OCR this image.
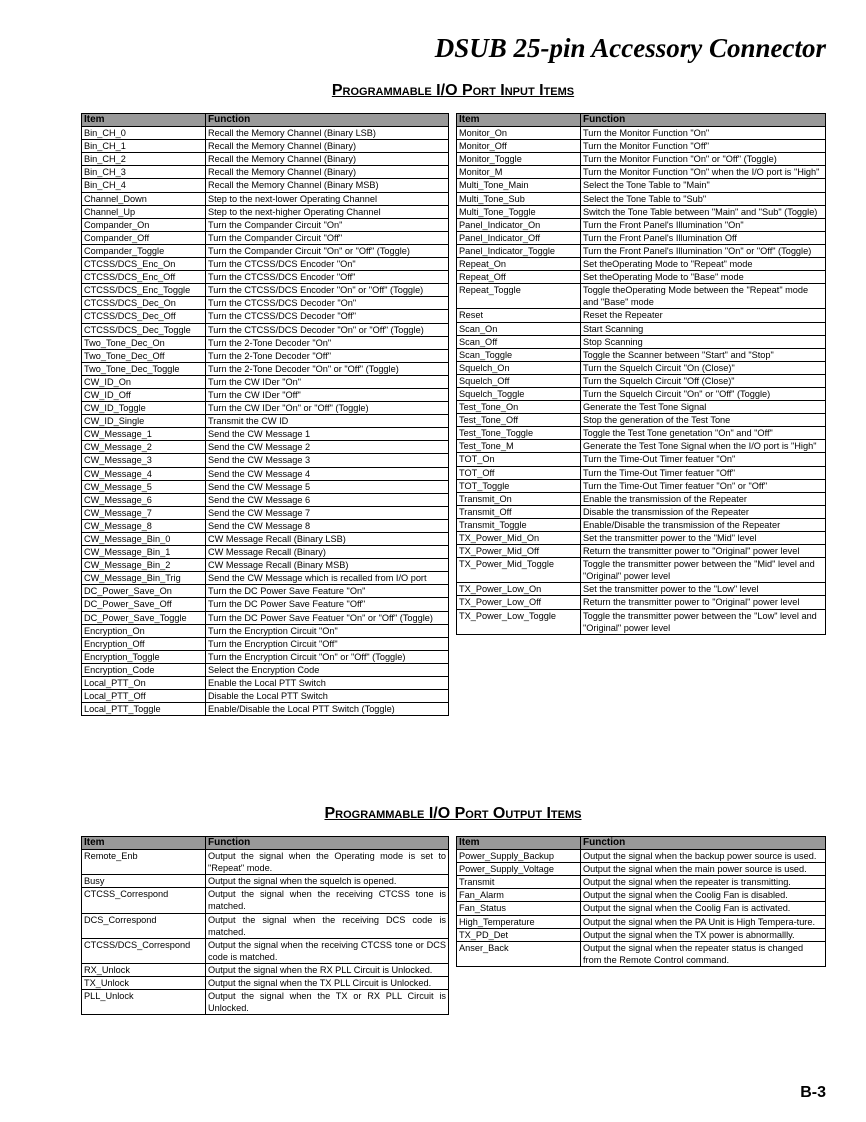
DSUB 25-pin Accessory Connector
Programmable I/O Port Input Items
Item	Function
Bin_CH_0	Recall the Memory Channel (Binary LSB)
Bin_CH_1	Recall the Memory Channel (Binary)
Bin_CH_2	Recall the Memory Channel (Binary)
Bin_CH_3	Recall the Memory Channel (Binary)
Bin_CH_4	Recall the Memory Channel (Binary MSB)
Channel_Down	Step to the next-lower Operating Channel
Channel_Up	Step to the next-higher Operating Channel
Compander_On	Turn the Compander Circuit "On"
Compander_Off	Turn the Compander Circuit "Off"
Compander_Toggle	Turn the Compander Circuit "On" or "Off" (Toggle)
CTCSS/DCS_Enc_On	Turn the CTCSS/DCS Encoder "On"
CTCSS/DCS_Enc_Off	Turn the CTCSS/DCS Encoder "Off"
CTCSS/DCS_Enc_Toggle	Turn the CTCSS/DCS Encoder "On" or "Off" (Toggle)
CTCSS/DCS_Dec_On	Turn the CTCSS/DCS Decoder "On"
CTCSS/DCS_Dec_Off	Turn the CTCSS/DCS Decoder "Off"
CTCSS/DCS_Dec_Toggle	Turn the CTCSS/DCS Decoder "On" or "Off" (Toggle)
Two_Tone_Dec_On	Turn the 2-Tone Decoder "On"
Two_Tone_Dec_Off	Turn the 2-Tone Decoder "Off"
Two_Tone_Dec_Toggle	Turn the 2-Tone Decoder "On" or "Off" (Toggle)
CW_ID_On	Turn the CW IDer "On"
CW_ID_Off	Turn the CW IDer "Off"
CW_ID_Toggle	Turn the CW IDer "On" or "Off" (Toggle)
CW_ID_Single	Transmit the CW ID
CW_Message_1	Send the CW Message 1
CW_Message_2	Send the CW Message 2
CW_Message_3	Send the CW Message 3
CW_Message_4	Send the CW Message 4
CW_Message_5	Send the CW Message 5
CW_Message_6	Send the CW Message 6
CW_Message_7	Send the CW Message 7
CW_Message_8	Send the CW Message 8
CW_Message_Bin_0	CW Message Recall (Binary LSB)
CW_Message_Bin_1	CW Message Recall (Binary)
CW_Message_Bin_2	CW Message Recall (Binary MSB)
CW_Message_Bin_Trig	Send the CW Message which is recalled from I/O port
DC_Power_Save_On	Turn the DC Power Save Feature "On"
DC_Power_Save_Off	Turn the DC Power Save Feature "Off"
DC_Power_Save_Toggle	Turn the DC Power Save Featuer "On" or "Off" (Toggle)
Encryption_On	Turn the Encryption Circuit "On"
Encryption_Off	Turn the Encryption Circuit "Off"
Encryption_Toggle	Turn the Encryption Circuit "On" or "Off" (Toggle)
Encryption_Code	Select the Encryption Code
Local_PTT_On	Enable the Local PTT Switch
Local_PTT_Off	Disable the Local PTT Switch
Local_PTT_Toggle	Enable/Disable the Local PTT Switch (Toggle)
Item	Function
Monitor_On	Turn the Monitor Function "On"
Monitor_Off	Turn the Monitor Function "Off"
Monitor_Toggle	Turn the Monitor Function "On" or "Off" (Toggle)
Monitor_M	Turn the Monitor Function "On" when the I/O port is "High"
Multi_Tone_Main	Select the Tone Table to "Main"
Multi_Tone_Sub	Select the Tone Table to "Sub"
Multi_Tone_Toggle	Switch the Tone Table between "Main" and "Sub" (Toggle)
Panel_Indicator_On	Turn the Front Panel's Illumination "On"
Panel_Indicator_Off	Turn the Front Panel's Illumination Off
Panel_Indicator_Toggle	Turn the Front Panel's Illumination "On" or "Off" (Toggle)
Repeat_On	Set theOperating Mode to "Repeat" mode
Repeat_Off	Set theOperating Mode to "Base" mode
Repeat_Toggle	Toggle theOperating Mode between the "Repeat" mode and "Base" mode
Reset	Reset the Repeater
Scan_On	Start Scanning
Scan_Off	Stop Scanning
Scan_Toggle	Toggle the Scanner between "Start" and "Stop"
Squelch_On	Turn the Squelch Circuit "On (Close)"
Squelch_Off	Turn the Squelch Circuit "Off (Close)"
Squelch_Toggle	Turn the Squelch Circuit "On" or "Off" (Toggle)
Test_Tone_On	Generate the Test Tone Signal
Test_Tone_Off	Stop the generation of the Test Tone
Test_Tone_Toggle	Toggle the Test Tone genetation "On" and "Off"
Test_Tone_M	Generate the Test Tone Signal when the I/O port is "High"
TOT_On	Turn the Time-Out Timer featuer "On"
TOT_Off	Turn the Time-Out Timer featuer "Off"
TOT_Toggle	Turn the Time-Out Timer featuer "On" or "Off"
Transmit_On	Enable the transmission of the Repeater
Transmit_Off	Disable the transmission of the Repeater
Transmit_Toggle	Enable/Disable the transmission of the Repeater
TX_Power_Mid_On	Set the transmitter power to the "Mid" level
TX_Power_Mid_Off	Return the transmitter power to "Original" power level
TX_Power_Mid_Toggle	Toggle the transmitter power between the "Mid" level and "Original" power level
TX_Power_Low_On	Set the transmitter power to the "Low" level
TX_Power_Low_Off	Return the transmitter power to "Original" power level
TX_Power_Low_Toggle	Toggle the transmitter power between the "Low" level and "Original" power level
Programmable I/O Port Output Items
Item	Function
Remote_Enb	Output the signal when the Operating mode is set to "Repeat" mode.
Busy	Output the signal when the squelch is opened.
CTCSS_Correspond	Output the signal when the receiving CTCSS tone is matched.
DCS_Correspond	Output the signal when the receiving DCS code is matched.
CTCSS/DCS_Correspond	Output the signal when the receiving CTCSS tone or DCS code is matched.
RX_Unlock	Output the signal when the RX PLL Circuit is Unlocked.
TX_Unlock	Output the signal when the TX PLL Circuit is Unlocked.
PLL_Unlock	Output the signal when the TX or RX PLL Circuit is Unlocked.
Item	Function
Power_Supply_Backup	Output the signal when the backup power source is used.
Power_Supply_Voltage	Output the signal when the main power source is used.
Transmit	Output the signal when the repeater is transmitting.
Fan_Alarm	Output the signal when the Coolig Fan is disabled.
Fan_Status	Output the signal when the Coolig Fan is activated.
High_Temperature	Output the signal when the PA Unit is High Tempera-ture.
TX_PD_Det	Output the signal when the TX power is abnormallly.
Anser_Back	Output the signal when the repeater status is changed from the Remote Control command.
B-3
